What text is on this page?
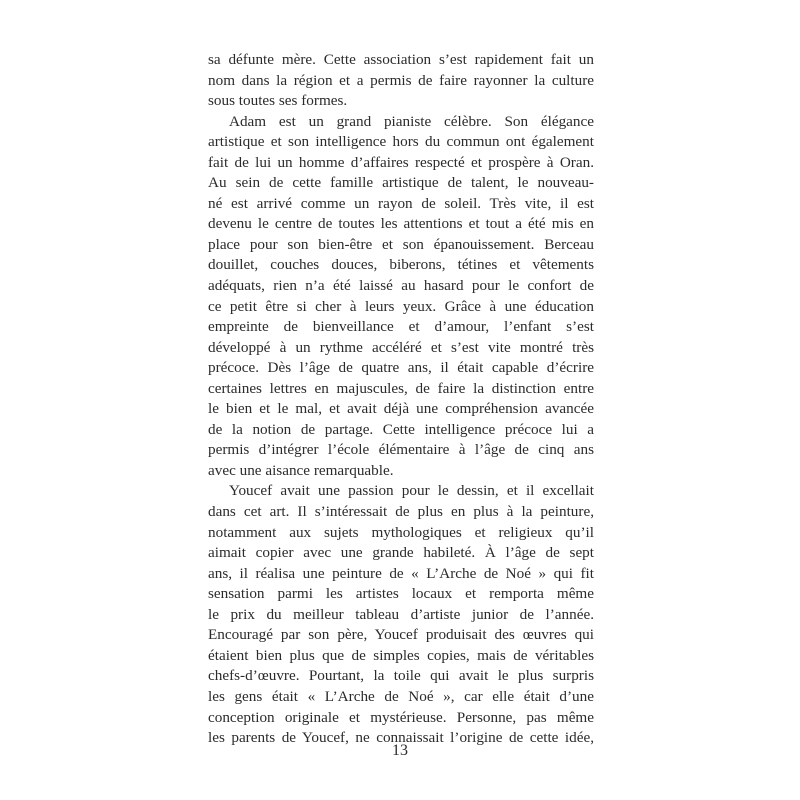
sa défunte mère. Cette association s’est rapidement fait un
nom dans la région et a permis de faire rayonner la culture
sous toutes ses formes.
Adam est un grand pianiste célèbre. Son élégance
artistique et son intelligence hors du commun ont également
fait de lui un homme d’affaires respecté et prospère à Oran.
Au sein de cette famille artistique de talent, le nouveau-
né est arrivé comme un rayon de soleil. Très vite, il est
devenu le centre de toutes les attentions et tout a été mis en
place pour son bien-être et son épanouissement. Berceau
douillet, couches douces, biberons, tétines et vêtements
adéquats, rien n’a été laissé au hasard pour le confort de
ce petit être si cher à leurs yeux. Grâce à une éducation
empreinte de bienveillance et d’amour, l’enfant s’est
développé à un rythme accéléré et s’est vite montré très
précoce. Dès l’âge de quatre ans, il était capable d’écrire
certaines lettres en majuscules, de faire la distinction entre
le bien et le mal, et avait déjà une compréhension avancée
de la notion de partage. Cette intelligence précoce lui a
permis d’intégrer l’école élémentaire à l’âge de cinq ans
avec une aisance remarquable.
Youcef avait une passion pour le dessin, et il excellait
dans cet art. Il s’intéressait de plus en plus à la peinture,
notamment aux sujets mythologiques et religieux qu’il
aimait copier avec une grande habileté. À l’âge de sept
ans, il réalisa une peinture de « L’Arche de Noé » qui fit
sensation parmi les artistes locaux et remporta même
le prix du meilleur tableau d’artiste junior de l’année.
Encouragé par son père, Youcef produisait des œuvres qui
étaient bien plus que de simples copies, mais de véritables
chefs-d’œuvre. Pourtant, la toile qui avait le plus surpris
les gens était « L’Arche de Noé », car elle était d’une
conception originale et mystérieuse. Personne, pas même
les parents de Youcef, ne connaissait l’origine de cette idée,
13
